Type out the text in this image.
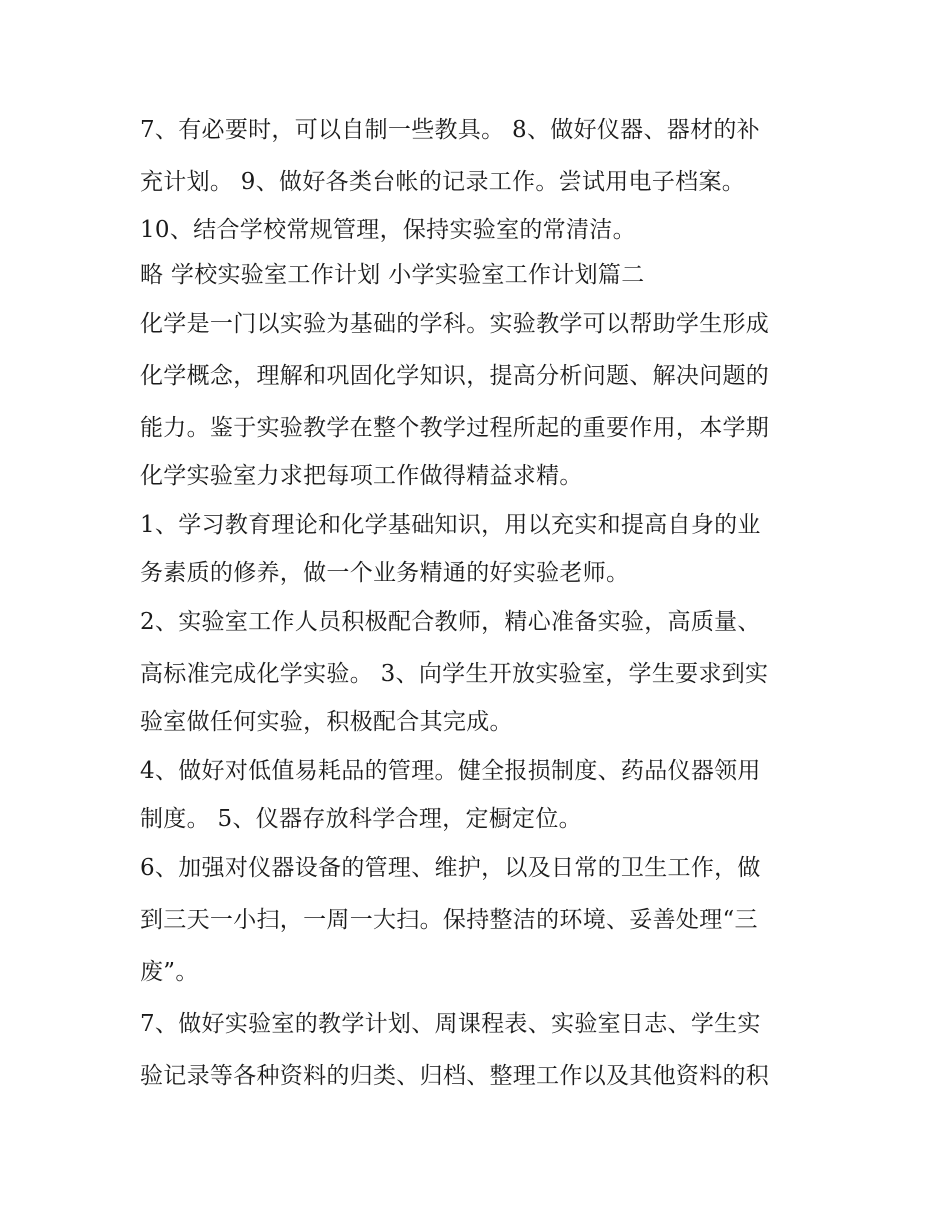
7、有必要时，可以自制一些教具。 8、做好仪器、器材的补
充计划。 9、做好各类台帐的记录工作。尝试用电子档案。
10、结合学校常规管理，保持实验室的常清洁。
略 学校实验室工作计划 小学实验室工作计划篇二
化学是一门以实验为基础的学科。实验教学可以帮助学生形成
化学概念，理解和巩固化学知识，提高分析问题、解决问题的
能力。鉴于实验教学在整个教学过程所起的重要作用，本学期
化学实验室力求把每项工作做得精益求精。
1、学习教育理论和化学基础知识，用以充实和提高自身的业
务素质的修养，做一个业务精通的好实验老师。
2、实验室工作人员积极配合教师，精心准备实验，高质量、
高标准完成化学实验。 3、向学生开放实验室，学生要求到实
验室做任何实验，积极配合其完成。
4、做好对低值易耗品的管理。健全报损制度、药品仪器领用
制度。 5、仪器存放科学合理，定橱定位。
6、加强对仪器设备的管理、维护，以及日常的卫生工作，做
到三天一小扫，一周一大扫。保持整洁的环境、妥善处理“三
废”。
7、做好实验室的教学计划、周课程表、实验室日志、学生实
验记录等各种资料的归类、归档、整理工作以及其他资料的积
